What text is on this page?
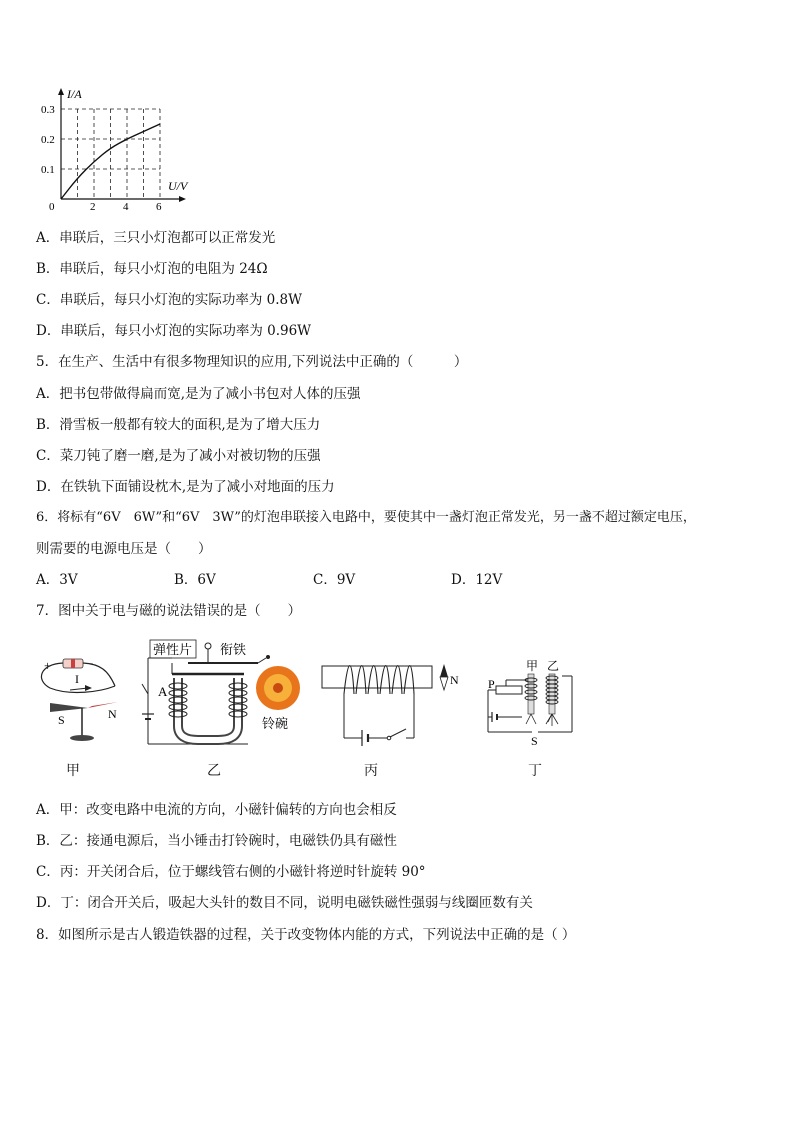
I/A
U/V
0.3
0.2
0.1
0	2	4	6
A．串联后，三只小灯泡都可以正常发光
B．串联后，每只小灯泡的电阻为 24Ω
C．串联后，每只小灯泡的实际功率为 0.8W
D．串联后，每只小灯泡的实际功率为 0.96W
5．在生产、生活中有很多物理知识的应用,下列说法中正确的（　　　）
A．把书包带做得扁而宽,是为了减小书包对人体的压强
B．滑雪板一般都有较大的面积,是为了增大压力
C．菜刀钝了磨一磨,是为了减小对被切物的压强
D．在铁轨下面铺设枕木,是为了减小对地面的压力
6．将标有“6V　6W”和“6V　3W”的灯泡串联接入电路中，要使其中一盏灯泡正常发光，另一盏不超过额定电压，
则需要的电源电压是（　　）
A．3V	B．6V	C．9V	D．12V
7．图中关于电与磁的说法错误的是（　　）
+	−
I
S	N
甲
弹性片 衔铁
A
铃碗
乙
N
丙
甲 乙
P
S
丁
A．甲：改变电路中电流的方向，小磁针偏转的方向也会相反
B．乙：接通电源后，当小锤击打铃碗时，电磁铁仍具有磁性
C．丙：开关闭合后，位于螺线管右侧的小磁针将逆时针旋转 90°
D．丁：闭合开关后，吸起大头针的数目不同，说明电磁铁磁性强弱与线圈匝数有关
8．如图所示是古人锻造铁器的过程，关于改变物体内能的方式，下列说法中正确的是（ ）
